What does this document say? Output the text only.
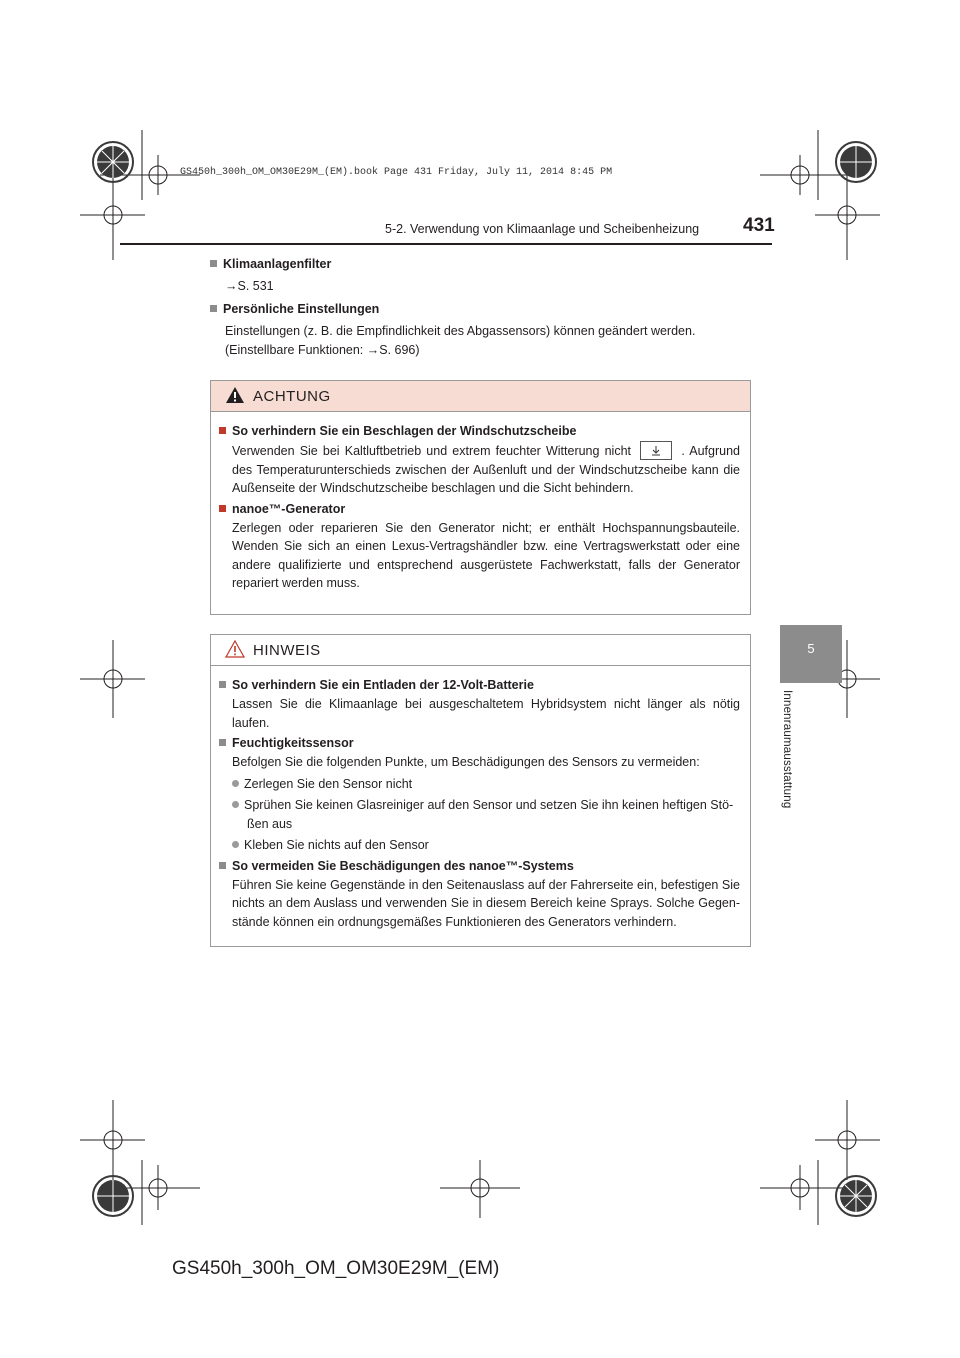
GS450h_300h_OM_OM30E29M_(EM).book Page 431 Friday, July 11, 2014 8:45 PM
5-2. Verwendung von Klimaanlage und Scheibenheizung 431
5
Innenraumausstattung
Klimaanlagenfilter
→S. 531
Persönliche Einstellungen
Einstellungen (z. B. die Empfindlichkeit des Abgassensors) können geändert werden.
(Einstellbare Funktionen: →S. 696)
ACHTUNG
So verhindern Sie ein Beschlagen der Windschutzscheibe
Verwenden Sie bei Kaltluftbetrieb und extrem feuchter Witterung nicht	. Aufgrund des Temperaturunterschieds zwischen der Außenluft und der Windschutzscheibe kann die Außenseite der Windschutzscheibe beschlagen und die Sicht behindern.
nanoe™-Generator
Zerlegen oder reparieren Sie den Generator nicht; er enthält Hochspannungsbauteile. Wenden Sie sich an einen Lexus-Vertragshändler bzw. eine Vertragswerkstatt oder eine andere qualifizierte und entsprechend ausgerüstete Fachwerkstatt, falls der Generator repariert werden muss.
HINWEIS
So verhindern Sie ein Entladen der 12-Volt-Batterie
Lassen Sie die Klimaanlage bei ausgeschaltetem Hybridsystem nicht länger als nötig laufen.
Feuchtigkeitssensor
Befolgen Sie die folgenden Punkte, um Beschädigungen des Sensors zu vermeiden:
Zerlegen Sie den Sensor nicht
Sprühen Sie keinen Glasreiniger auf den Sensor und setzen Sie ihn keinen heftigen Stö-ßen aus
Kleben Sie nichts auf den Sensor
So vermeiden Sie Beschädigungen des nanoe™-Systems
Führen Sie keine Gegenstände in den Seitenauslass auf der Fahrerseite ein, befestigen Sie nichts an dem Auslass und verwenden Sie in diesem Bereich keine Sprays. Solche Gegen-stände können ein ordnungsgemäßes Funktionieren des Generators verhindern.
GS450h_300h_OM_OM30E29M_(EM)
